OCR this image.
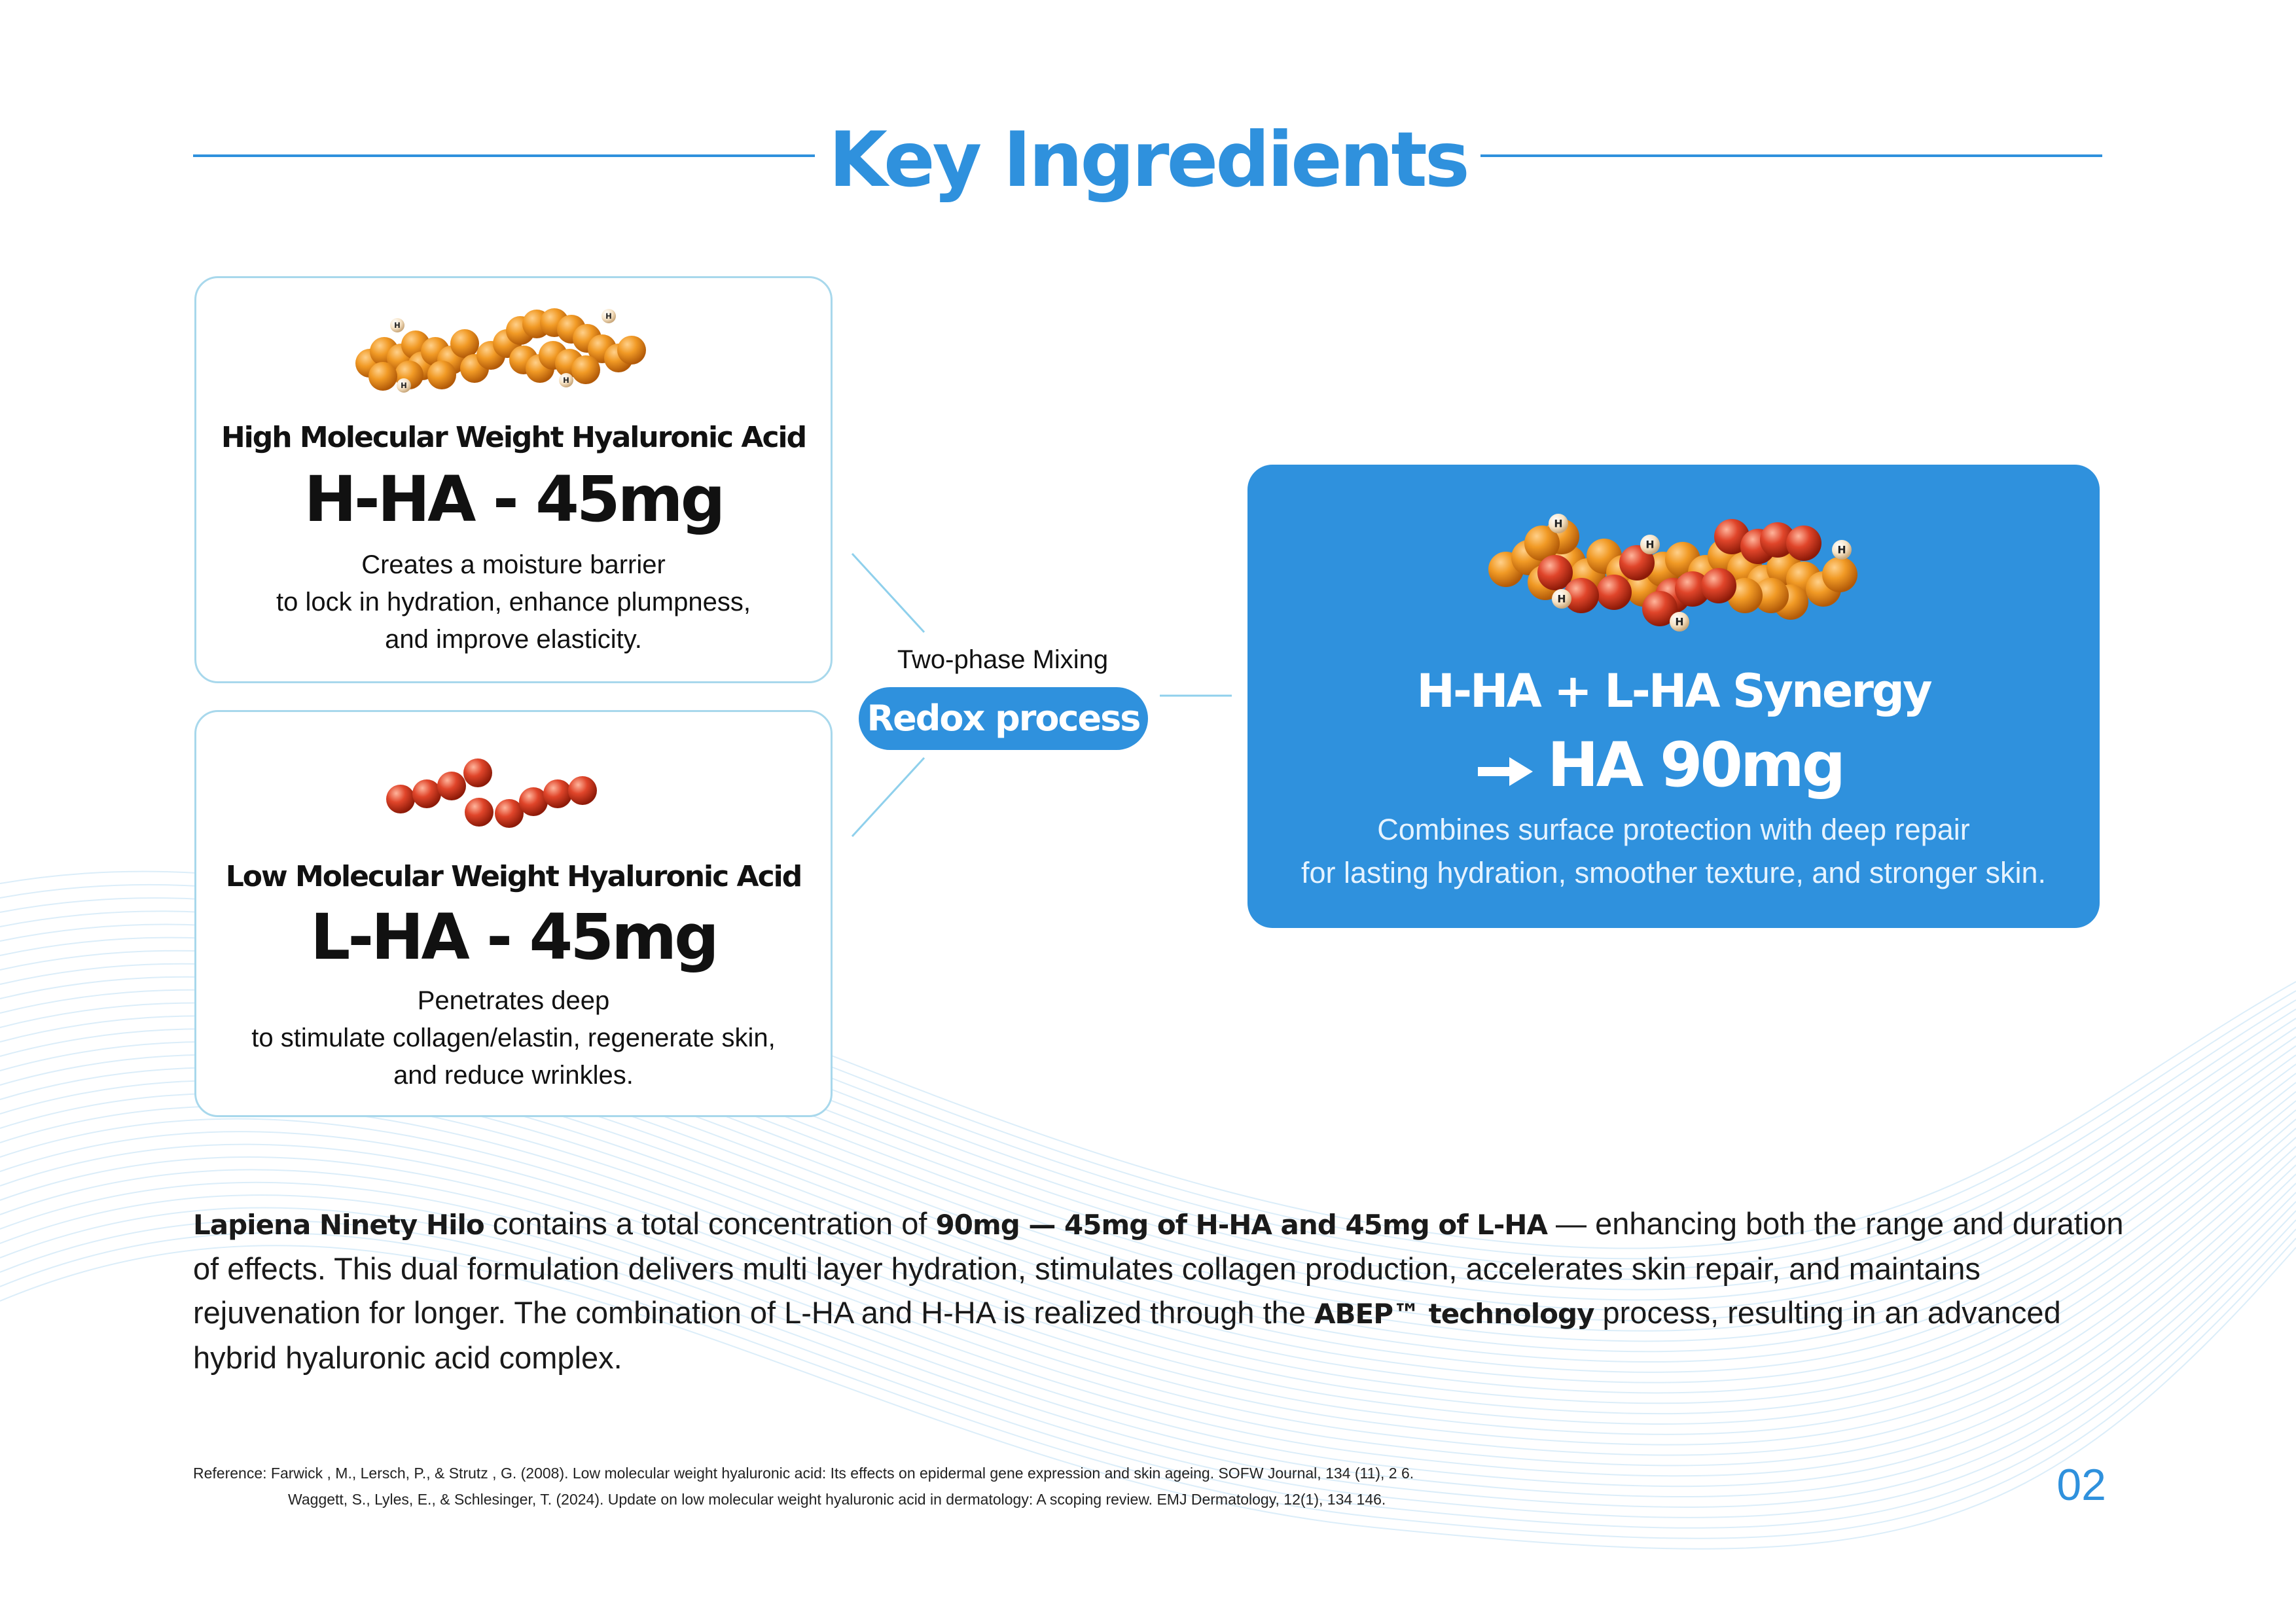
Key Ingredients
H
H
H
H
High Molecular Weight Hyaluronic Acid
H-HA - 45mg
Creates a moisture barrier
to lock in hydration, enhance plumpness,
and improve elasticity.
Low Molecular Weight Hyaluronic Acid
L-HA - 45mg
Penetrates deep
to stimulate collagen/elastin, regenerate skin,
and reduce wrinkles.
Two-phase Mixing
Redox process
H
H
H
H
H
H-HA + L-HA Synergy
HA 90mg
Combines surface protection with deep repair
for lasting hydration, smoother texture, and stronger skin.
Lapiena Ninety Hilo contains a total concentration of 90mg — 45mg of H-HA and 45mg of L-HA — enhancing both the range and duration of effects. This dual formulation delivers multi layer hydration, stimulates collagen production, accelerates skin repair, and maintains rejuvenation for longer. The combination of L-HA and H-HA is realized through the ABEP™ technology process, resulting in an advanced hybrid hyaluronic acid complex.
Reference: Farwick , M., Lersch, P., & Strutz , G. (2008). Low molecular weight hyaluronic acid: Its effects on epidermal gene expression and skin ageing. SOFW Journal, 134 (11), 2 6.
Waggett, S., Lyles, E., & Schlesinger, T. (2024). Update on low molecular weight hyaluronic acid in dermatology: A scoping review. EMJ Dermatology, 12(1), 134 146.	02
